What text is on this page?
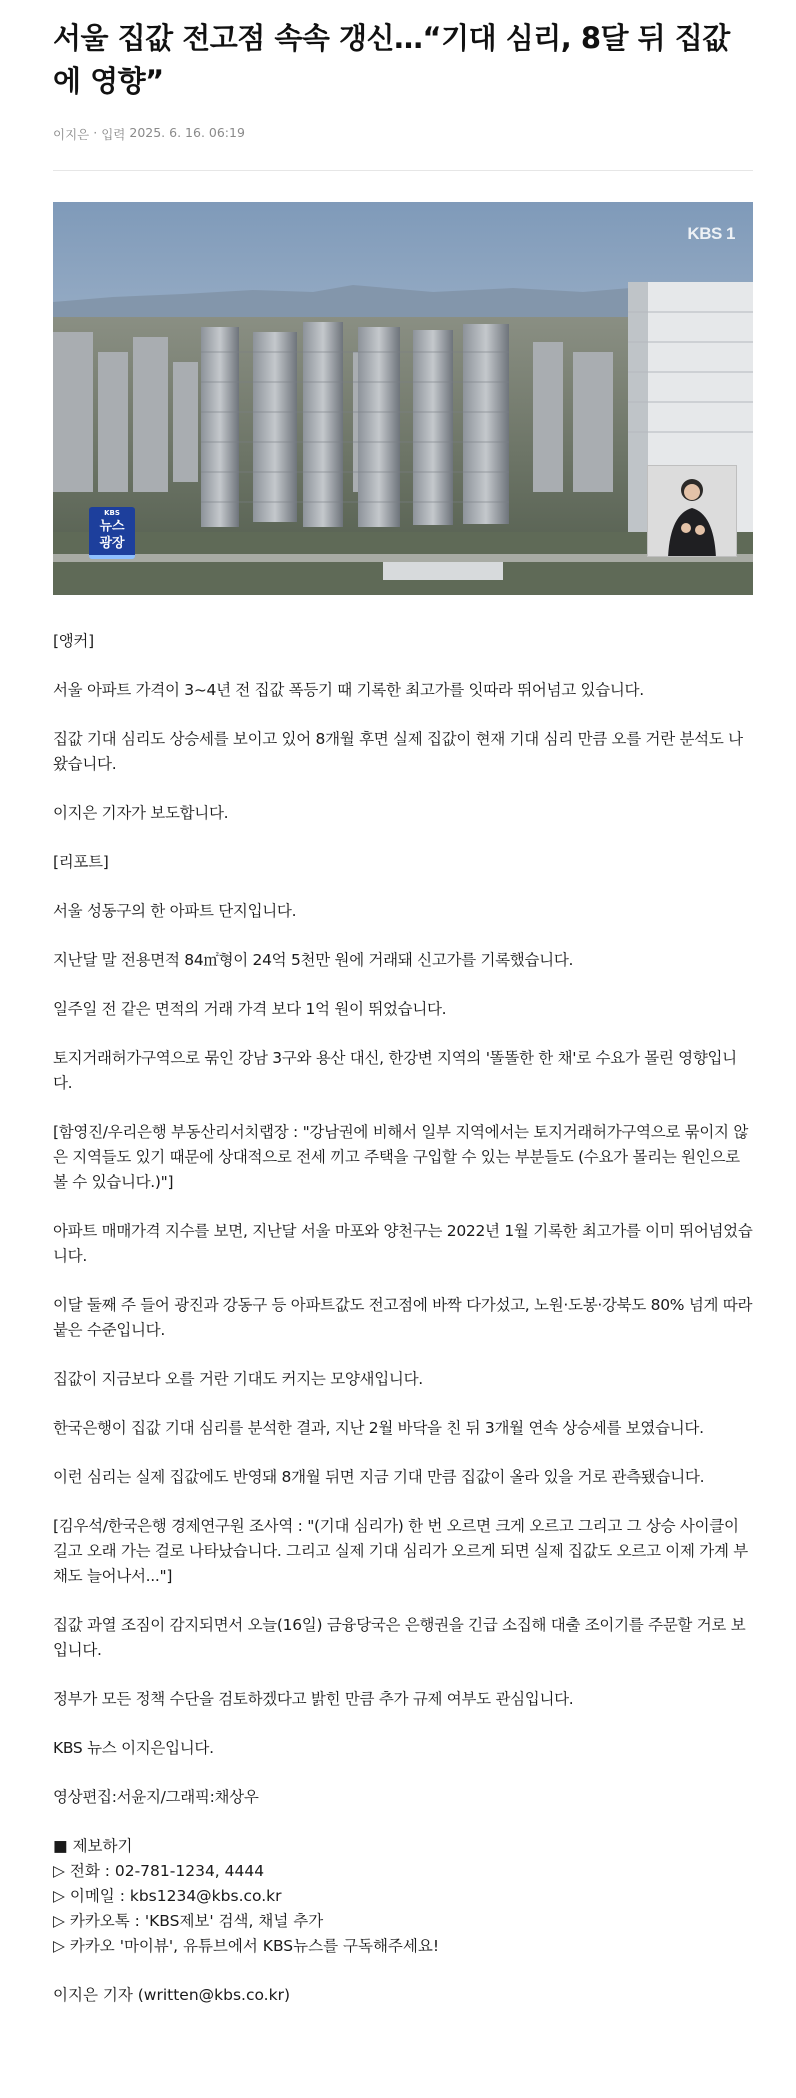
서울 집값 전고점 속속 갱신…“기대 심리, 8달 뒤 집값에 영향”
이지은 · 입력 2025. 6. 16. 06:19
KBS 1
KBS
뉴스
광장

[앵커]

서울 아파트 가격이 3~4년 전 집값 폭등기 때 기록한 최고가를 잇따라 뛰어넘고 있습니다.

집값 기대 심리도 상승세를 보이고 있어 8개월 후면 실제 집값이 현재 기대 심리 만큼 오를 거란 분석도 나왔습니다.

이지은 기자가 보도합니다.

[리포트]

서울 성동구의 한 아파트 단지입니다.

지난달 말 전용면적 84㎡형이 24억 5천만 원에 거래돼 신고가를 기록했습니다.

일주일 전 같은 면적의 거래 가격 보다 1억 원이 뛰었습니다.

토지거래허가구역으로 묶인 강남 3구와 용산 대신, 한강변 지역의 '똘똘한 한 채'로 수요가 몰린 영향입니다.

[함영진/우리은행 부동산리서치랩장 : "강남권에 비해서 일부 지역에서는 토지거래허가구역으로 묶이지 않은 지역들도 있기 때문에 상대적으로 전세 끼고 주택을 구입할 수 있는 부분들도 (수요가 몰리는 원인으로 볼 수 있습니다.)"]

아파트 매매가격 지수를 보면, 지난달 서울 마포와 양천구는 2022년 1월 기록한 최고가를 이미 뛰어넘었습니다.

이달 둘째 주 들어 광진과 강동구 등 아파트값도 전고점에 바짝 다가섰고, 노원·도봉·강북도 80% 넘게 따라붙은 수준입니다.

집값이 지금보다 오를 거란 기대도 커지는 모양새입니다.

한국은행이 집값 기대 심리를 분석한 결과, 지난 2월 바닥을 친 뒤 3개월 연속 상승세를 보였습니다.

이런 심리는 실제 집값에도 반영돼 8개월 뒤면 지금 기대 만큼 집값이 올라 있을 거로 관측됐습니다.

[김우석/한국은행 경제연구원 조사역 : "(기대 심리가) 한 번 오르면 크게 오르고 그리고 그 상승 사이클이 길고 오래 가는 걸로 나타났습니다. 그리고 실제 기대 심리가 오르게 되면 실제 집값도 오르고 이제 가계 부채도 늘어나서..."]

집값 과열 조짐이 감지되면서 오늘(16일) 금융당국은 은행권을 긴급 소집해 대출 조이기를 주문할 거로 보입니다.

정부가 모든 정책 수단을 검토하겠다고 밝힌 만큼 추가 규제 여부도 관심입니다.

KBS 뉴스 이지은입니다.

영상편집:서윤지/그래픽:채상우

■ 제보하기
▷ 전화 : 02-781-1234, 4444
▷ 이메일 : kbs1234@kbs.co.kr
▷ 카카오톡 : 'KBS제보' 검색, 채널 추가
▷ 카카오 '마이뷰', 유튜브에서 KBS뉴스를 구독해주세요!
이지은 기자 (written@kbs.co.kr)
